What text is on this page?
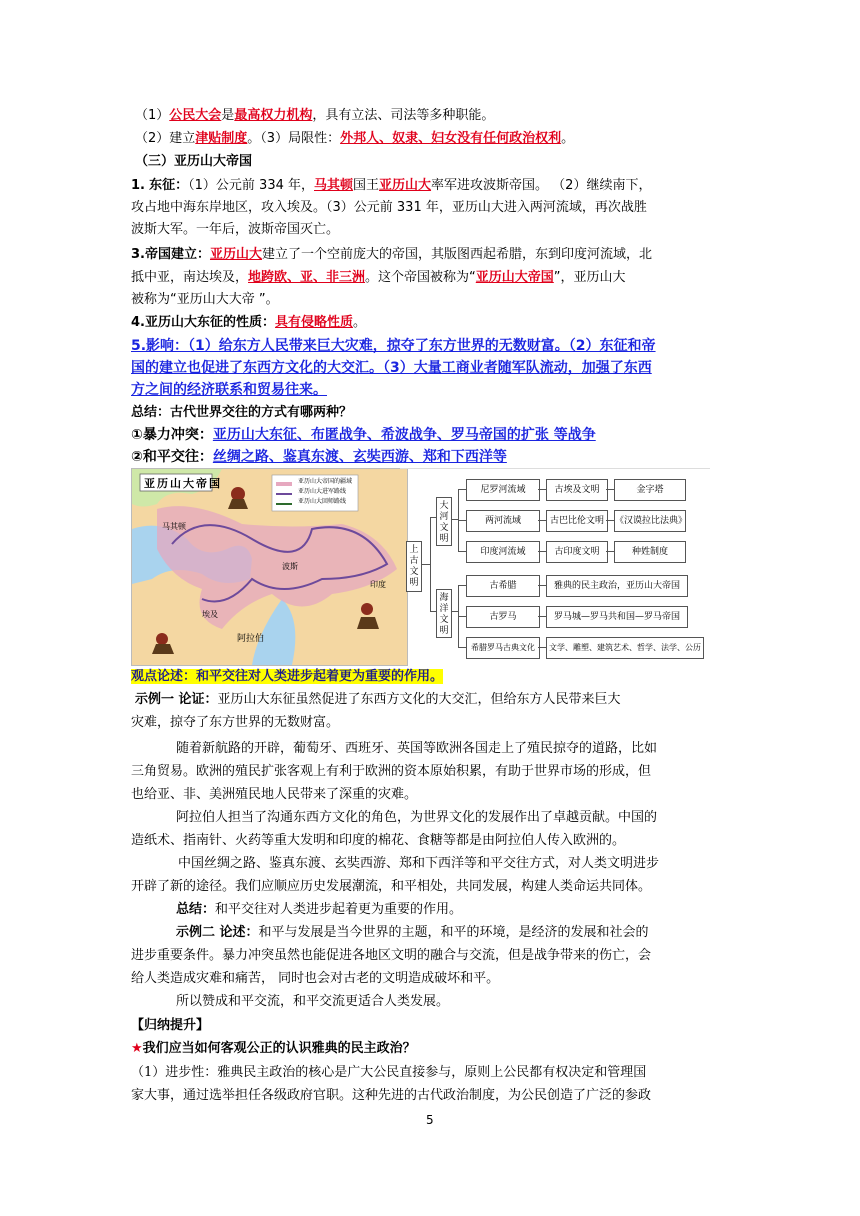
（1）公民大会是最高权力机构，具有立法、司法等多种职能。
（2）建立津贴制度。（3）局限性：外邦人、奴隶、妇女没有任何政治权利。
（三）亚历山大帝国
1. 东征：（1）公元前 334 年，马其顿国王亚历山大率军进攻波斯帝国。 （2）继续南下，
攻占地中海东岸地区，攻入埃及。（3）公元前 331 年，亚历山大进入两河流域，再次战胜
波斯大军。一年后，波斯帝国灭亡。
3.帝国建立：亚历山大建立了一个空前庞大的帝国，其版图西起希腊，东到印度河流域，北
抵中亚，南达埃及，地跨欧、亚、非三洲。这个帝国被称为“亚历山大帝国”，亚历山大
被称为“亚历山大大帝 ”。
4.亚历山大东征的性质：具有侵略性质。
5.影响：（1）给东方人民带来巨大灾难，掠夺了东方世界的无数财富。（2）东征和帝
国的建立也促进了东西方文化的大交汇。（3）大量工商业者随军队流动，加强了东西
方之间的经济联系和贸易往来。
总结：古代世界交往的方式有哪两种？
①暴力冲突：亚历山大东征、布匿战争、希波战争、罗马帝国的扩张 等战争
②和平交往：丝绸之路、鉴真东渡、玄奘西游、郑和下西洋等
亚历山大帝国	亚历山大帝国的疆域
亚历山大进军路线
亚历山大回师路线
阿拉伯
马其顿
埃及
波斯
印度
上古文明
大河文明
海洋文明
尼罗河流域	古埃及文明	金字塔
两河流域	古巴比伦文明	《汉谟拉比法典》
印度河流域	古印度文明	种姓制度
古希腊	雅典的民主政治，亚历山大帝国
古罗马	罗马城—罗马共和国—罗马帝国
希腊罗马古典文化	文学、雕塑、建筑艺术、哲学、法学、公历
观点论述：和平交往对人类进步起着更为重要的作用。
示例一 论证：亚历山大东征虽然促进了东西方文化的大交汇，但给东方人民带来巨大
灾难，掠夺了东方世界的无数财富。
随着新航路的开辟，葡萄牙、西班牙、英国等欧洲各国走上了殖民掠夺的道路，比如
三角贸易。欧洲的殖民扩张客观上有利于欧洲的资本原始积累，有助于世界市场的形成，但
也给亚、非、美洲殖民地人民带来了深重的灾难。
阿拉伯人担当了沟通东西方文化的角色，为世界文化的发展作出了卓越贡献。中国的
造纸术、指南针、火药等重大发明和印度的棉花、食糖等都是由阿拉伯人传入欧洲的。
中国丝绸之路、鉴真东渡、玄奘西游、郑和下西洋等和平交往方式，对人类文明进步
开辟了新的途径。我们应顺应历史发展潮流，和平相处，共同发展，构建人类命运共同体。
总结：和平交往对人类进步起着更为重要的作用。
示例二 论述：和平与发展是当今世界的主题，和平的环境，是经济的发展和社会的
进步重要条件。暴力冲突虽然也能促进各地区文明的融合与交流，但是战争带来的伤亡，会
给人类造成灾难和痛苦， 同时也会对古老的文明造成破坏和平。
所以赞成和平交流，和平交流更适合人类发展。
【归纳提升】
★我们应当如何客观公正的认识雅典的民主政治？
（1）进步性：雅典民主政治的核心是广大公民直接参与，原则上公民都有权决定和管理国
家大事，通过选举担任各级政府官职。这种先进的古代政治制度，为公民创造了广泛的参政
5
